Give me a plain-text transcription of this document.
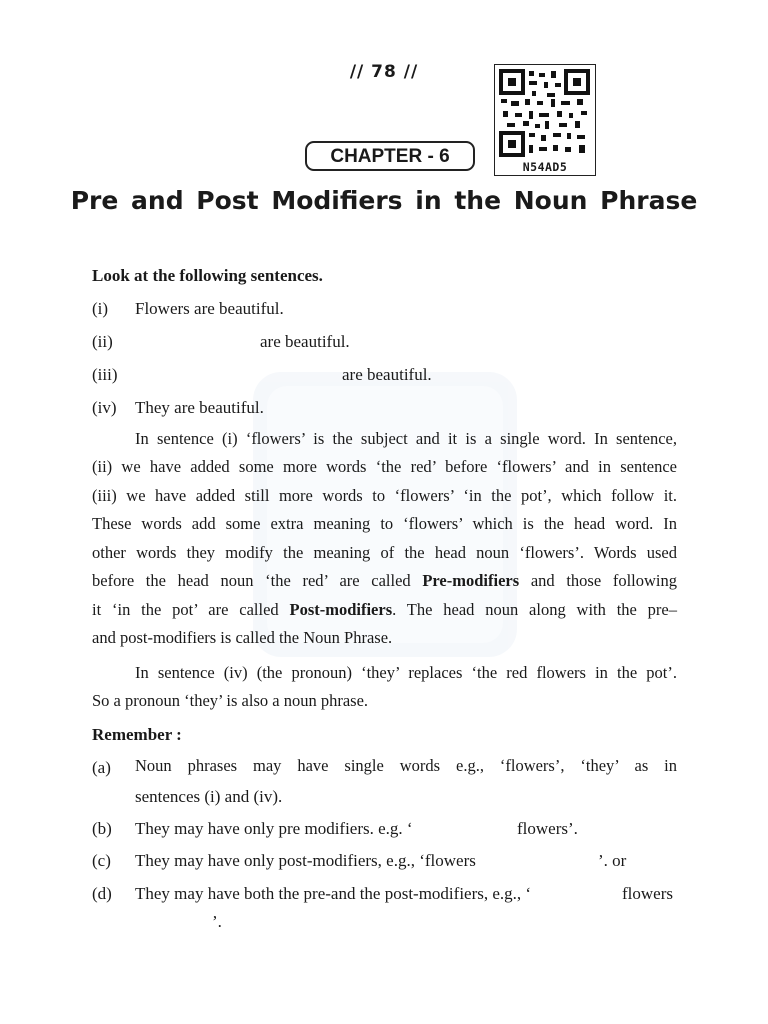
// 78 //
N54AD5
CHAPTER - 6
Pre and Post Modifiers in the Noun Phrase
Look at the following sentences.
(i) Flowers are beautiful.
(ii)	are beautiful.
(iii)	are beautiful.
(iv) They are beautiful.
In sentence (i) ‘flowers’ is the subject and it is a single word. In sentence,
(ii) we have added some more words ‘the red’ before ‘flowers’ and in sentence
(iii) we have added still more words to ‘flowers’ ‘in the pot’, which follow it.
These words add some extra meaning to ‘flowers’ which is the head word. In
other words they modify the meaning of the head noun ‘flowers’. Words used
before the head noun ‘the red’ are called Pre-modifiers and those following
it ‘in the pot’ are called Post-modifiers. The head noun along with the pre–
and post-modifiers is called the Noun Phrase.
In sentence (iv) (the pronoun) ‘they’ replaces ‘the red flowers in the pot’.
So a pronoun ‘they’ is also a noun phrase.
Remember :
(a) Noun phrases may have single words e.g., ‘flowers’, ‘they’ as in
sentences (i) and (iv).
(b) They may have only pre modifiers. e.g. ‘	flowers’.
(c) They may have only post-modifiers, e.g., ‘flowers	’. or
(d) They may have both the pre-and the post-modifiers, e.g., ‘	flowers
’.
